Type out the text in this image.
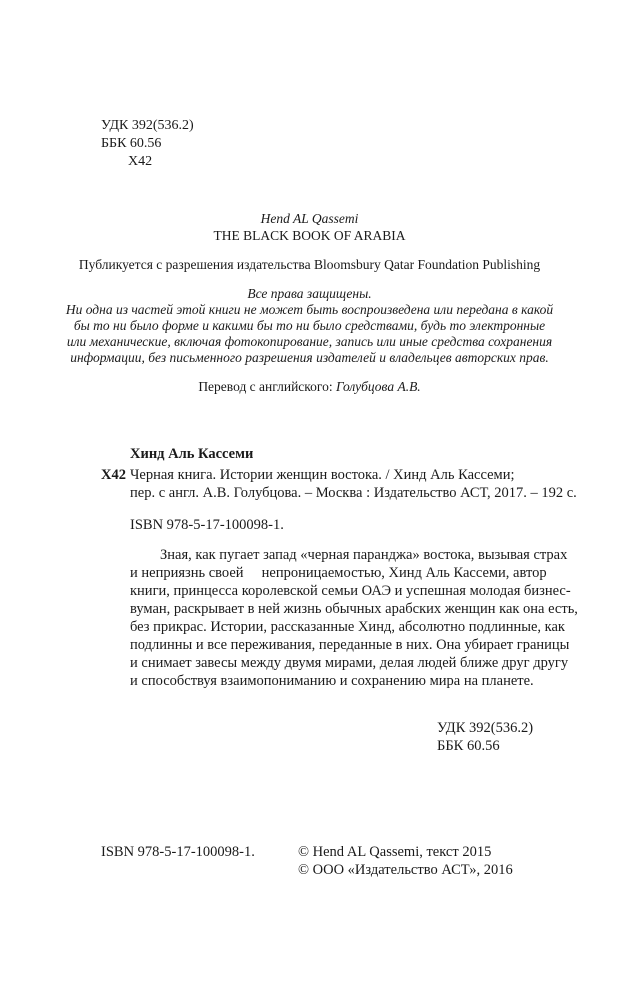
УДК 392(536.2)
ББК 60.56
Х42
Hend AL Qassemi
THE BLACK BOOK OF ARABIA
Публикуется с разрешения издательства Bloomsbury Qatar Foundation Publishing
Все права защищены.
Ни одна из частей этой книги не может быть воспроизведена или передана в какой
бы то ни было форме и какими бы то ни было средствами, будь то электронные
или механические, включая фотокопирование, запись или иные средства сохранения
информации, без письменного разрешения издателей и владельцев авторских прав.
Перевод с английского: Голубцова А.В.
Хинд Аль Кассеми
Х42 Черная книга. Истории женщин востока. / Хинд Аль Кассеми;
пер. с англ. А.В. Голубцова. – Москва : Издательство АСТ, 2017. – 192 с.
ISBN 978-5-17-100098-1.
Зная, как пугает запад «черная паранджа» востока, вызывая страх
и неприязнь своей     непроницаемостью, Хинд Аль Кассеми, автор
книги, принцесса королевской семьи ОАЭ и успешная молодая бизнес-
вуман, раскрывает в ней жизнь обычных арабских женщин как она есть,
без прикрас. Истории, рассказанные Хинд, абсолютно подлинные, как
подлинны и все переживания, переданные в них. Она убирает границы
и снимает завесы между двумя мирами, делая людей ближе друг другу
и способствуя взаимопониманию и сохранению мира на планете.
УДК 392(536.2)
ББК 60.56
ISBN 978-5-17-100098-1.	© Hend AL Qassemi, текст 2015
© ООО «Издательство АСТ», 2016
